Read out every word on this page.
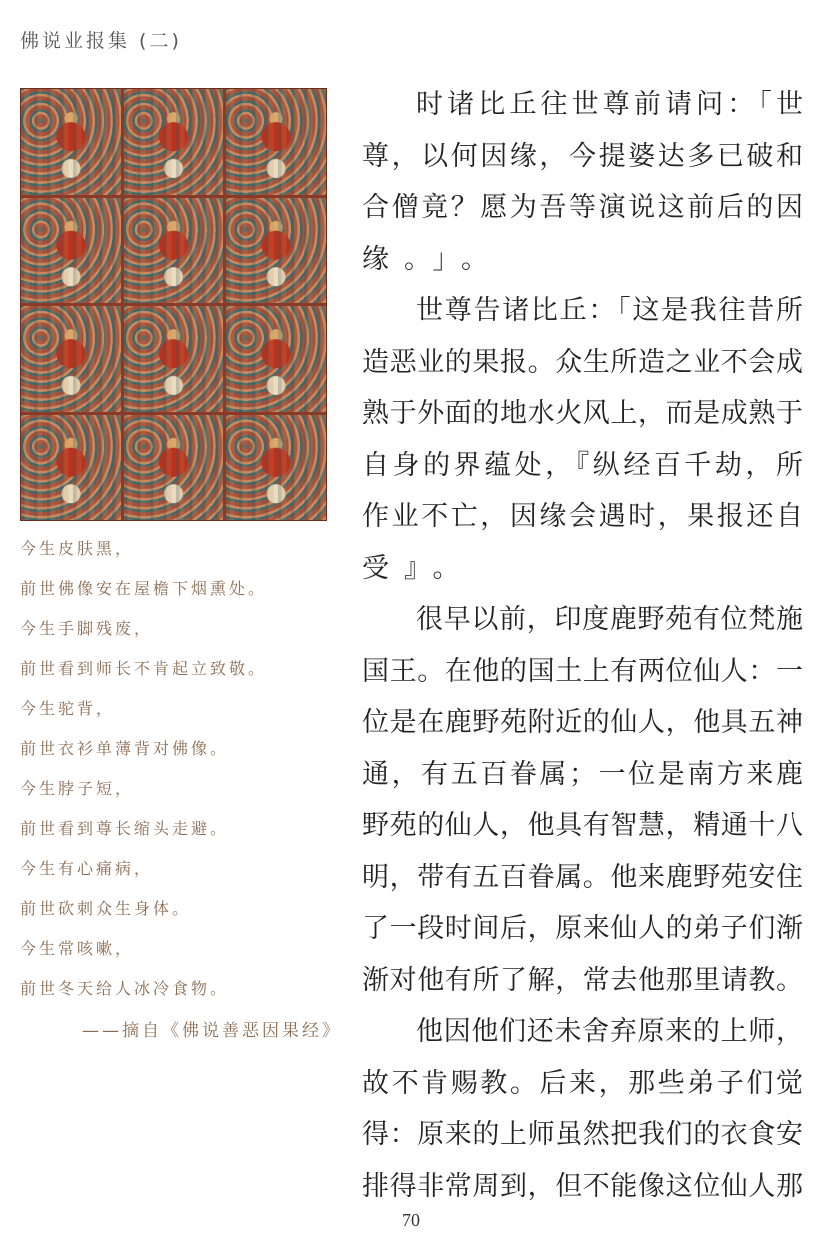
佛说业报集 (二)
今生皮肤黑，
前世佛像安在屋檐下烟熏处。
今生手脚残废，
前世看到师长不肯起立致敬。
今生驼背，
前世衣衫单薄背对佛像。
今生脖子短，
前世看到尊长缩头走避。
今生有心痛病，
前世砍刺众生身体。
今生常咳嗽，
前世冬天给人冰冷食物。
——摘自《佛说善恶因果经》
时诸比丘往世尊前请问：「世
尊，以何因缘，今提婆达多已破和
合僧竟？愿为吾等演说这前后的因
缘。」。
世尊告诸比丘：「这是我往昔所
造恶业的果报。众生所造之业不会成
熟于外面的地水火风上，而是成熟于
自身的界蕴处，『纵经百千劫，所
作业不亡，因缘会遇时，果报还自
受』。
很早以前，印度鹿野苑有位梵施
国王。在他的国土上有两位仙人：一
位是在鹿野苑附近的仙人，他具五神
通，有五百眷属；一位是南方来鹿
野苑的仙人，他具有智慧，精通十八
明，带有五百眷属。他来鹿野苑安住
了一段时间后，原来仙人的弟子们渐
渐对他有所了解，常去他那里请教。
他因他们还未舍弃原来的上师，
故不肯赐教。后来，那些弟子们觉
得：原来的上师虽然把我们的衣食安
排得非常周到，但不能像这位仙人那
70
